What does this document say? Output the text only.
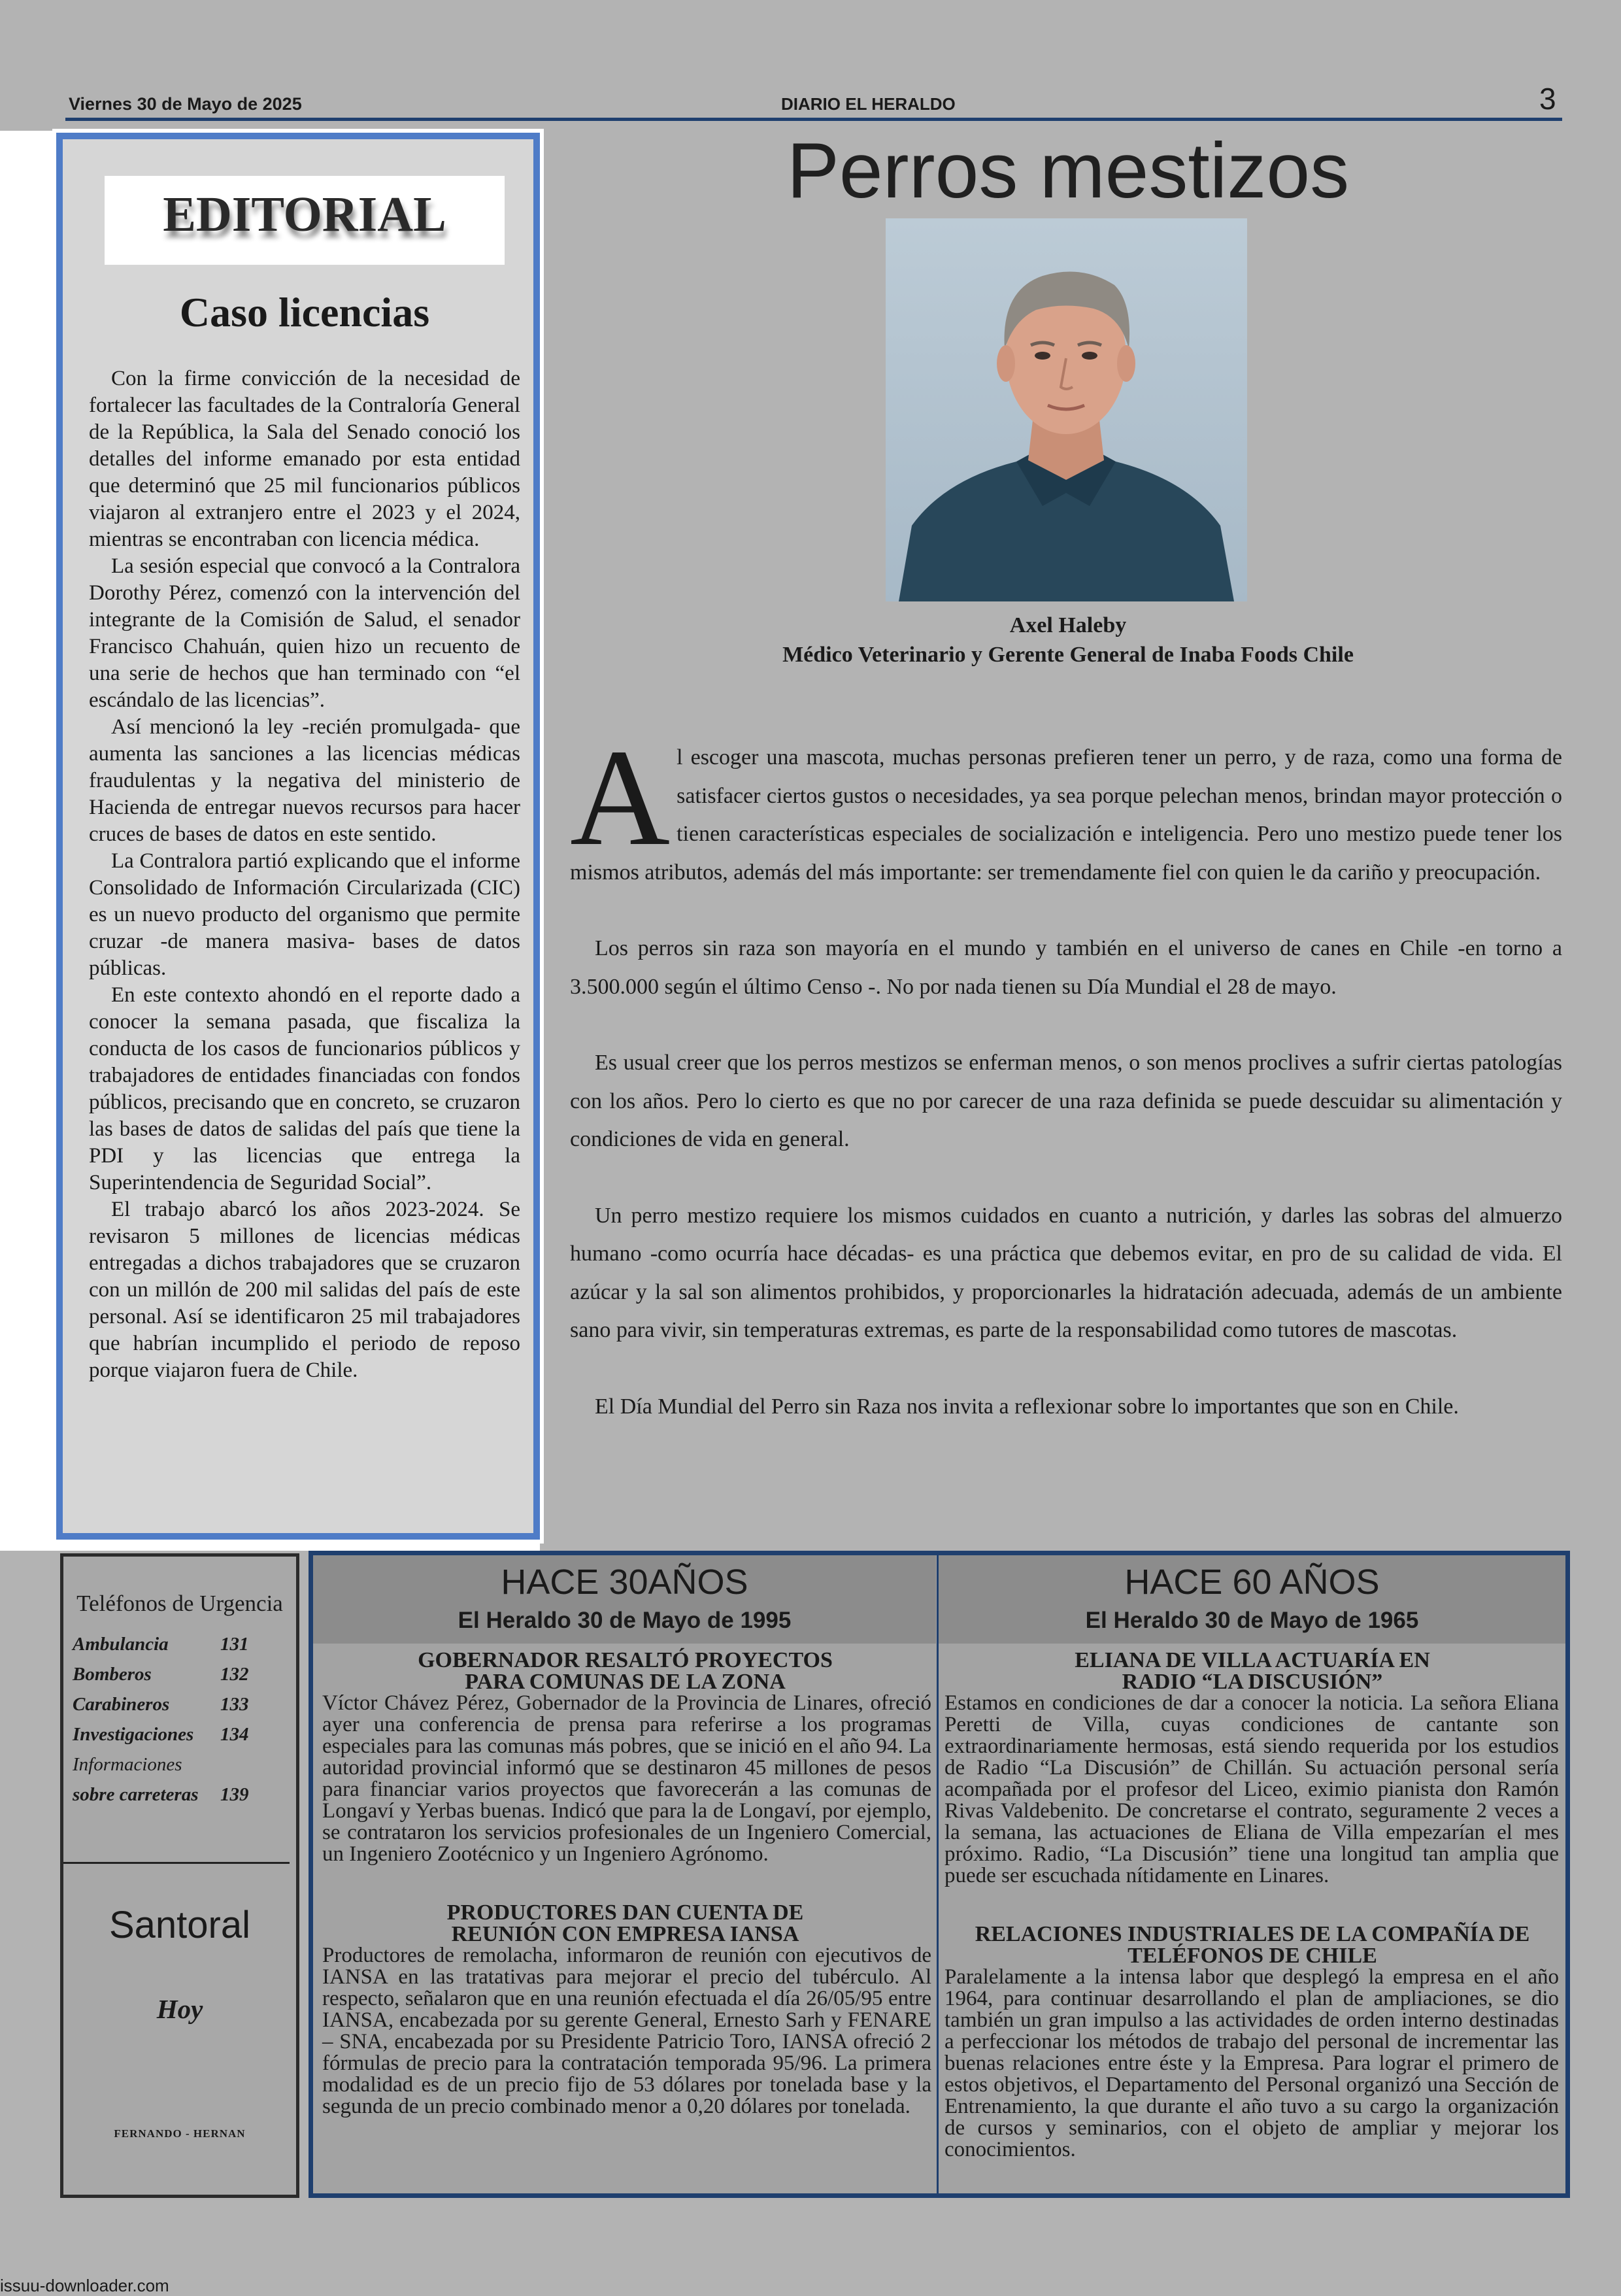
Viernes 30 de Mayo de 2025	DIARIO EL HERALDO	3
EDITORIAL
Caso licencias

Con la firme convicción de la necesidad de fortalecer las facultades de la Contraloría General de la República, la Sala del Senado conoció los detalles del informe emanado por esta entidad que determinó que 25 mil funcionarios públicos viajaron al extranjero entre el 2023 y el 2024, mientras se encontraban con licencia médica.

La sesión especial que convocó a la Contralora Dorothy Pérez, comenzó con la intervención del integrante de la Comisión de Salud, el senador Francisco Chahuán, quien hizo un recuento de una serie de hechos que han terminado con “el escándalo de las licencias”.

Así mencionó la ley -recién promulgada- que aumenta las sanciones a las licencias médicas fraudulentas y la negativa del ministerio de Hacienda de entregar nuevos recursos para hacer cruces de bases de datos en este sentido.

La Contralora partió explicando que el informe Consolidado de Información Circularizada (CIC) es un nuevo producto del organismo que permite cruzar -de manera masiva- bases de datos públicas.

En este contexto ahondó en el reporte dado a conocer la semana pasada, que fiscaliza la conducta de los casos de funcionarios públicos y trabajadores de entidades financiadas con fondos públicos, precisando que en concreto, se cruzaron las bases de datos de salidas del país que tiene la PDI y las licencias que entrega la Superintendencia de Seguridad Social”.

El trabajo abarcó los años 2023-2024. Se revisaron 5 millones de licencias médicas entregadas a dichos trabajadores que se cruzaron con un millón de 200 mil salidas del país de este personal. Así se identificaron 25 mil trabajadores que habrían incumplido el periodo de reposo porque viajaron fuera de Chile.

Perros mestizos
Axel Haleby
Médico Veterinario y Gerente General de Inaba Foods Chile

Al escoger una mascota, muchas personas prefieren tener un perro, y de raza, como una forma de satisfacer ciertos gustos o necesidades, ya sea porque pelechan menos, brindan mayor protección o tienen características especiales de socialización e inteligencia. Pero uno mestizo puede tener los mismos atributos, además del más importante: ser tremendamente fiel con quien le da cariño y preocupación.

Los perros sin raza son mayoría en el mundo y también en el universo de canes en Chile -en torno a 3.500.000 según el último Censo -. No por nada tienen su Día Mundial el 28 de mayo.

Es usual creer que los perros mestizos se enferman menos, o son menos proclives a sufrir ciertas patologías con los años. Pero lo cierto es que no por carecer de una raza definida se puede descuidar su alimentación y condiciones de vida en general.

Un perro mestizo requiere los mismos cuidados en cuanto a nutrición, y darles las sobras del almuerzo humano -como ocurría hace décadas- es una práctica que debemos evitar, en pro de su calidad de vida. El azúcar y la sal son alimentos prohibidos, y proporcionarles la hidratación adecuada, además de un ambiente sano para vivir, sin temperaturas extremas, es parte de la responsabilidad como tutores de mascotas.

El Día Mundial del Perro sin Raza nos invita a reflexionar sobre lo importantes que son en Chile.

Teléfonos de Urgencia
Ambulancia	131
Bomberos	132
Carabineros	133
Investigaciones 134
Informaciones
sobre carreteras 139
Santoral
Hoy
FERNANDO - HERNAN
HACE 30AÑOS
El Heraldo 30 de Mayo de 1995
HACE 60 AÑOS
El Heraldo 30 de Mayo de 1965
GOBERNADOR RESALTÓ PROYECTOS
PARA COMUNAS DE LA ZONA
Víctor Chávez Pérez, Gobernador de la Provincia de Linares, ofreció ayer una conferencia de prensa para referirse a los programas especiales para las comunas más pobres, que se inició en el año 94. La autoridad provincial informó que se destinaron 45 millones de pesos para financiar varios proyectos que favorecerán a las comunas de Longaví y Yerbas buenas. Indicó que para la de Longaví, por ejemplo, se contrataron los servicios profesionales de un Ingeniero Comercial, un Ingeniero Zootécnico y un Ingeniero Agrónomo.
PRODUCTORES DAN CUENTA DE
REUNIÓN CON EMPRESA IANSA
Productores de remolacha, informaron de reunión con ejecutivos de IANSA en las tratativas para mejorar el precio del tubérculo. Al respecto, señalaron que en una reunión efectuada el día 26/05/95 entre IANSA, encabezada por su gerente General, Ernesto Sarh y FENARE – SNA, encabezada por su Presidente Patricio Toro, IANSA ofreció 2 fórmulas de precio para la contratación temporada 95/96. La primera modalidad es de un precio fijo de 53 dólares por tonelada base y la segunda de un precio combinado menor a 0,20 dólares por tonelada.
ELIANA DE VILLA ACTUARÍA EN
RADIO “LA DISCUSIÓN”
Estamos en condiciones de dar a conocer la noticia. La señora Eliana Peretti de Villa, cuyas condiciones de cantante son extraordinariamente hermosas, está siendo requerida por los estudios de Radio “La Discusión” de Chillán. Su actuación personal sería acompañada por el profesor del Liceo, eximio pianista don Ramón Rivas Valdebenito. De concretarse el contrato, seguramente 2 veces a la semana, las actuaciones de Eliana de Villa empezarían el mes próximo. Radio, “La Discusión” tiene una longitud tan amplia que puede ser escuchada nítidamente en Linares.
RELACIONES INDUSTRIALES DE LA COMPAÑÍA DE
TELÉFONOS DE CHILE
Paralelamente a la intensa labor que desplegó la empresa en el año 1964, para continuar desarrollando el plan de ampliaciones, se dio también un gran impulso a las actividades de orden interno destinadas a perfeccionar los métodos de trabajo del personal de incrementar las buenas relaciones entre éste y la Empresa. Para lograr el primero de estos objetivos, el Departamento del Personal organizó una Sección de Entrenamiento, la que durante el año tuvo a su cargo la organización de cursos y seminarios, con el objeto de ampliar y mejorar los conocimientos.
issuu-downloader.com
